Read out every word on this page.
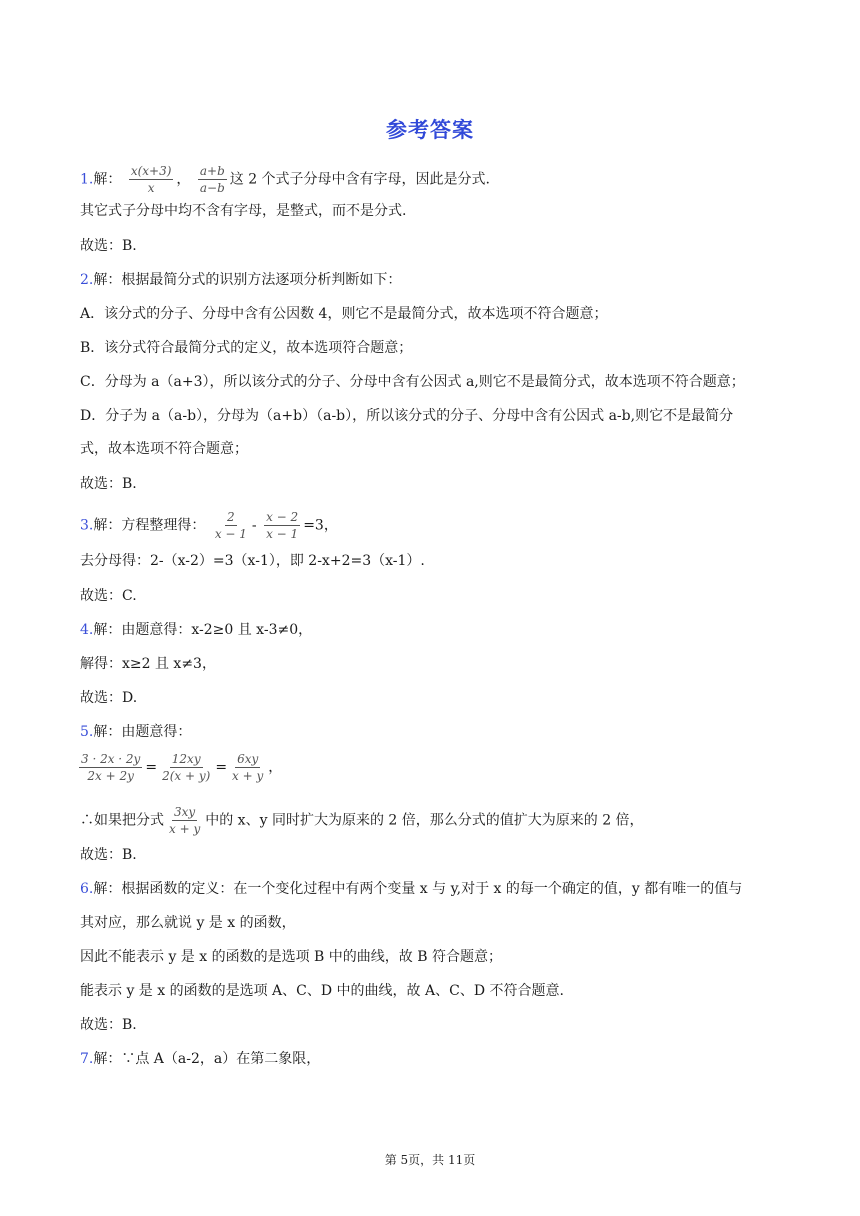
参考答案
1.解： $\frac{x(x+3)}{x}$ ， $\frac{a+b}{a-b}$ 这 2 个式子分母中含有字母，因此是分式.
其它式子分母中均不含有字母，是整式，而不是分式.
故选：B.
2.解：根据最简分式的识别方法逐项分析判断如下：
A．该分式的分子、分母中含有公因数 4，则它不是最简分式，故本选项不符合题意；
B．该分式符合最简分式的定义，故本选项符合题意；
C．分母为 a（a+3），所以该分式的分子、分母中含有公因式 a,则它不是最简分式，故本选项不符合题意；
D．分子为 a（a-b），分母为（a+b）（a-b），所以该分式的分子、分母中含有公因式 a-b,则它不是最简分
式，故本选项不符合题意；
故选：B.
3.解：方程整理得： $\frac{2}{x - 1} - \frac{x - 2}{x - 1} =3$，
去分母得：2-（x-2）=3（x-1），即 2-x+2=3（x-1）.
故选：C.
4.解：由题意得：x-2≥0 且 x-3≠0，
解得：x≥2 且 x≠3，
故选：D.
5.解：由题意得：
$\frac{3 \cdot 2x \cdot 2y}{2x + 2y} = \frac{12xy}{2(x + y)} = \frac{6xy}{x + y}$ ，
∴如果把分式 $\frac{3xy}{x + y}$ 中的 x、y 同时扩大为原来的 2 倍，那么分式的值扩大为原来的 2 倍，
故选：B.
6.解：根据函数的定义：在一个变化过程中有两个变量 x 与 y,对于 x 的每一个确定的值，y 都有唯一的值与
其对应，那么就说 y 是 x 的函数，
因此不能表示 y 是 x 的函数的是选项 B 中的曲线，故 B 符合题意；
能表示 y 是 x 的函数的是选项 A、C、D 中的曲线，故 A、C、D 不符合题意.
故选：B.
7.解：∵点 A（a-2，a）在第二象限，
第 5页，共 11页
